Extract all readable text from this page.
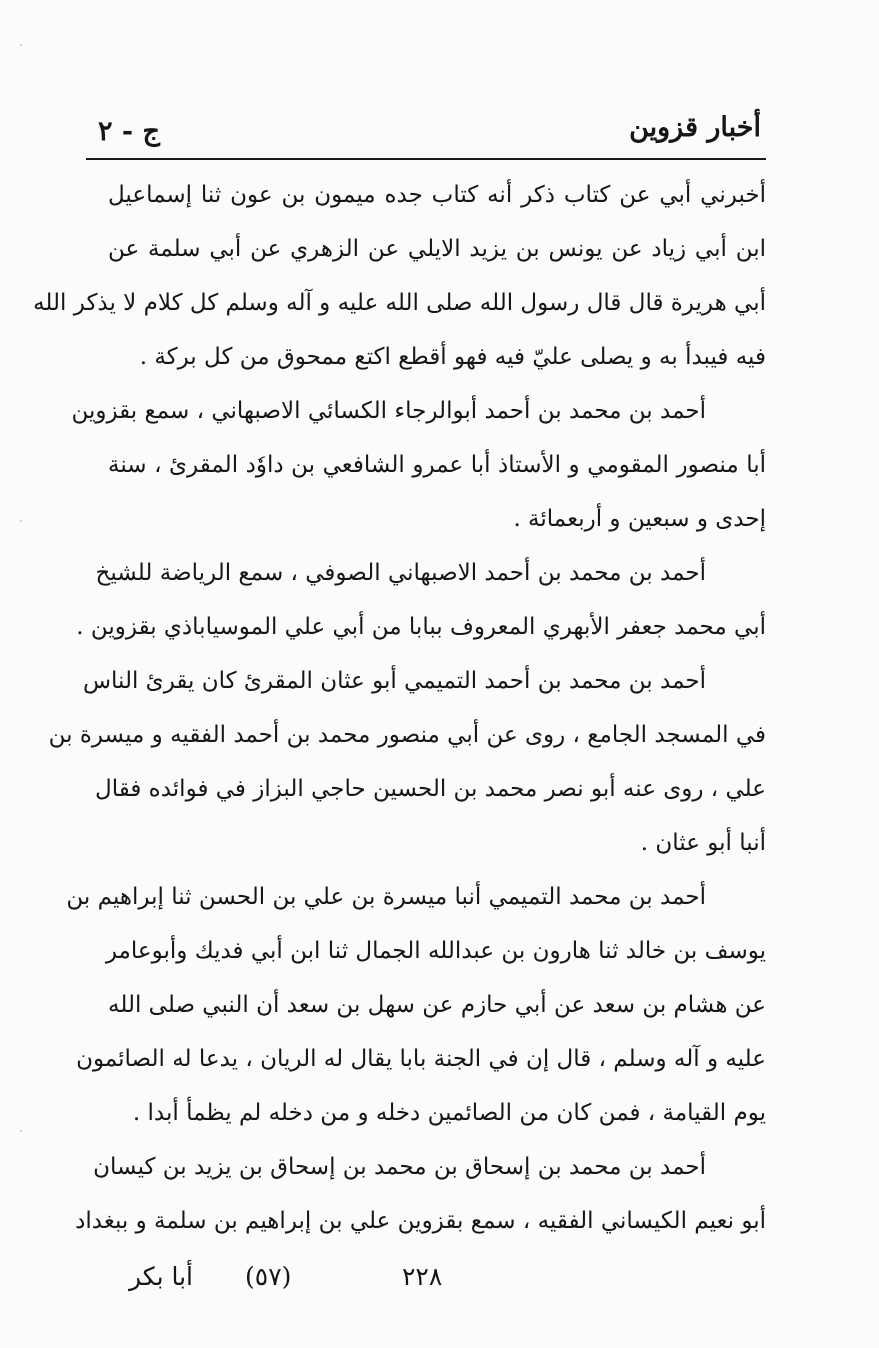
أخبار قزوين
ج - ٢
أخبرني أبي عن كتاب ذكر أنه كتاب جده ميمون بن عون ثنا إسماعيل
ابن أبي زياد عن يونس بن يزيد الايلي عن الزهري عن أبي سلمة عن
أبي هريرة قال قال رسول الله صلى الله عليه و آله وسلم كل كلام لا يذكر الله
فيه فيبدأ به و يصلى عليّ فيه فهو أقطع اكتع ممحوق من كل بركة .
أحمد بن محمد بن أحمد أبوالرجاء الكسائي الاصبهاني ، سمع بقزوين
أبا منصور المقومي و الأستاذ أبا عمرو الشافعي بن داوٗد المقرئ ، سنة
إحدى و سبعين و أربعمائة .
أحمد بن محمد بن أحمد الاصبهاني الصوفي ، سمع الرياضة للشيخ
أبي محمد جعفر الأبهري المعروف ببابا من أبي علي الموسياباذي بقزوين .
أحمد بن محمد بن أحمد التميمي أبو عثان المقرئ كان يقرئ الناس
في المسجد الجامع ، روى عن أبي منصور محمد بن أحمد الفقيه و ميسرة بن
علي ، روى عنه أبو نصر محمد بن الحسين حاجي البزاز في فوائده فقال
أنبا أبو عثان .
أحمد بن محمد التميمي أنبا ميسرة بن علي بن الحسن ثنا إبراهيم بن
يوسف بن خالد ثنا هارون بن عبدالله الجمال ثنا ابن أبي فديك وأبوعامر
عن هشام بن سعد عن أبي حازم عن سهل بن سعد أن النبي صلى الله
عليه و آله وسلم ، قال إن في الجنة بابا يقال له الريان ، يدعا له الصائمون
يوم القيامة ، فمن كان من الصائمين دخله و من دخله لم يظمأ أبدا .
أحمد بن محمد بن إسحاق بن محمد بن إسحاق بن يزيد بن كيسان
أبو نعيم الكيساني الفقيه ، سمع بقزوين علي بن إبراهيم بن سلمة و ببغداد
أبا بكر (٥٧)	٢٢٨
